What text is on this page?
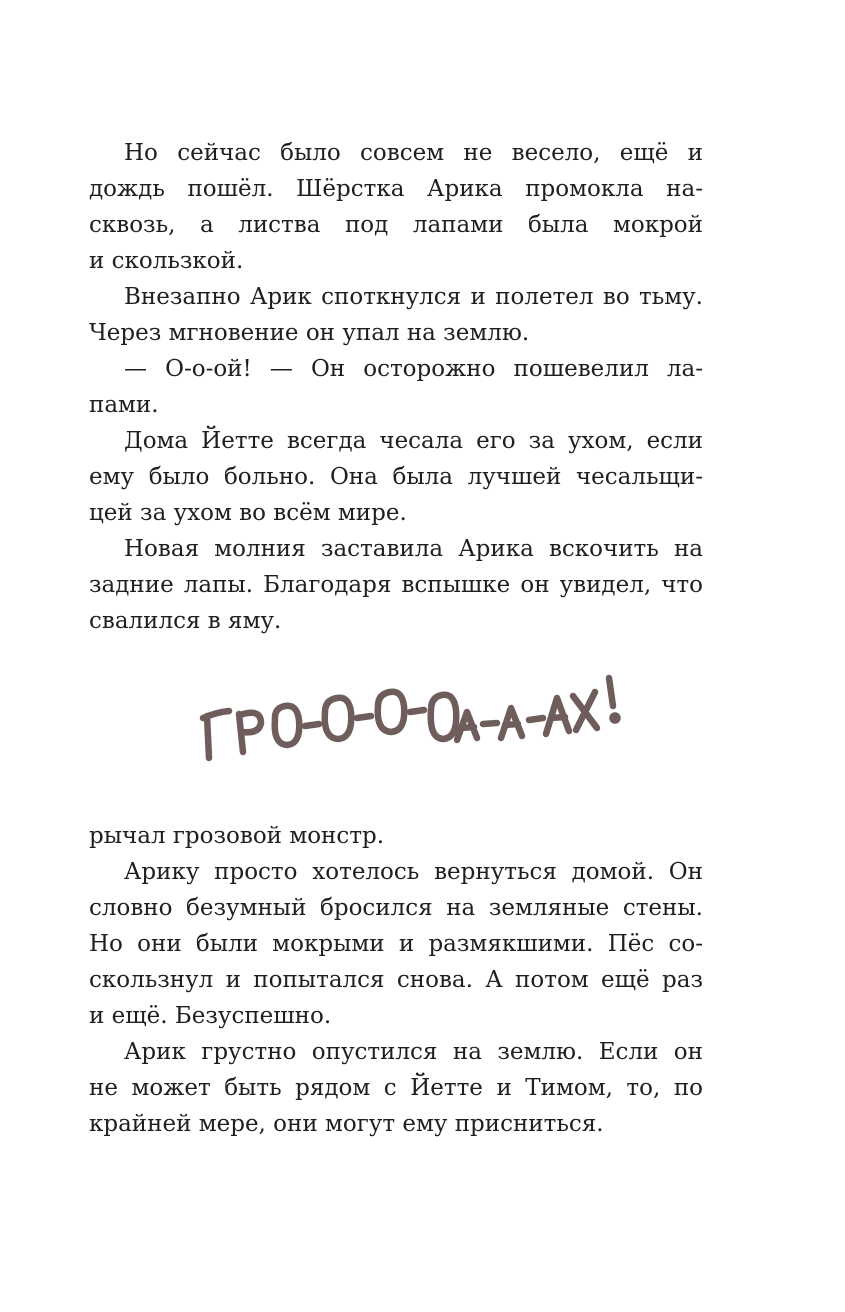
Но сейчас было совсем не весело, ещё и
дождь пошёл. Шёрстка Арика промокла на-
сквозь, а листва под лапами была мокрой
и скользкой.

Внезапно Арик споткнулся и полетел во тьму.
Через мгновение он упал на землю.

— О-о-ой! — Он осторожно пошевелил ла-
пами.

Дома Йетте всегда чесала его за ухом, если
ему было больно. Она была лучшей чесальщи-
цей за ухом во всём мире.

Новая молния заставила Арика вскочить на
задние лапы. Благодаря вспышке он увидел, что
свалился в яму.

рычал грозовой монстр.

Арику просто хотелось вернуться домой. Он
словно безумный бросился на земляные стены.
Но они были мокрыми и размякшими. Пёс со-
скользнул и попытался снова. А потом ещё раз
и ещё. Безуспешно.

Арик грустно опустился на землю. Если он
не может быть рядом с Йетте и Тимом, то, по
крайней мере, они могут ему присниться.
